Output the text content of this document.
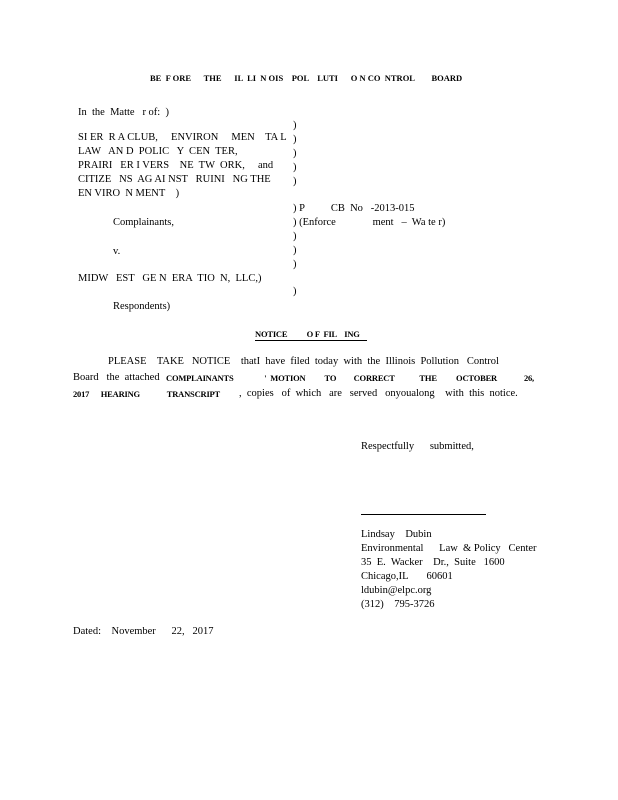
BE  F ORE      THE      IL  LI  N OIS    POL    LUTI      O N CO  NTROL        BOARD
In  the  Matte   r of:  )
SI ER  R A CLUB,     ENVIRON     MEN    TA L
LAW   AN D  POLIC   Y  CEN  TER,
PRAIRI   ER I VERS    NE  TW  ORK,     and
CITIZE   NS  AG AI NST   RUINI   NG THE
EN VIRO  N MENT    )
)
)
)
)
)
) P          CB  No   -2013-015
) (Enforce              ment   –  Wa te r)
Complainants,
)
)
)
v.
MIDW   EST   GE N  ERA  TIO  N,  LLC,)
)
Respondents)
NOTICE          O F  FIL    ING
PLEASE    TAKE   NOTICE    thatI  have  filed  today  with  the  Illinois  Pollution   Control
Board   the  attached COMPLAINANTS                '  MOTION          TO         CORRECT             THE          OCTOBER              26,
2017      HEARING              TRANSCRIPT ,  copies   of  which   are   served   onyoualong    with  this  notice.
Respectfully      submitted,
Lindsay    Dubin
Environmental      Law  & Policy   Center
35  E.  Wacker    Dr.,  Suite   1600
Chicago,IL       60601
ldubin@elpc.org
(312)    795-3726
Dated:    November      22,   2017
